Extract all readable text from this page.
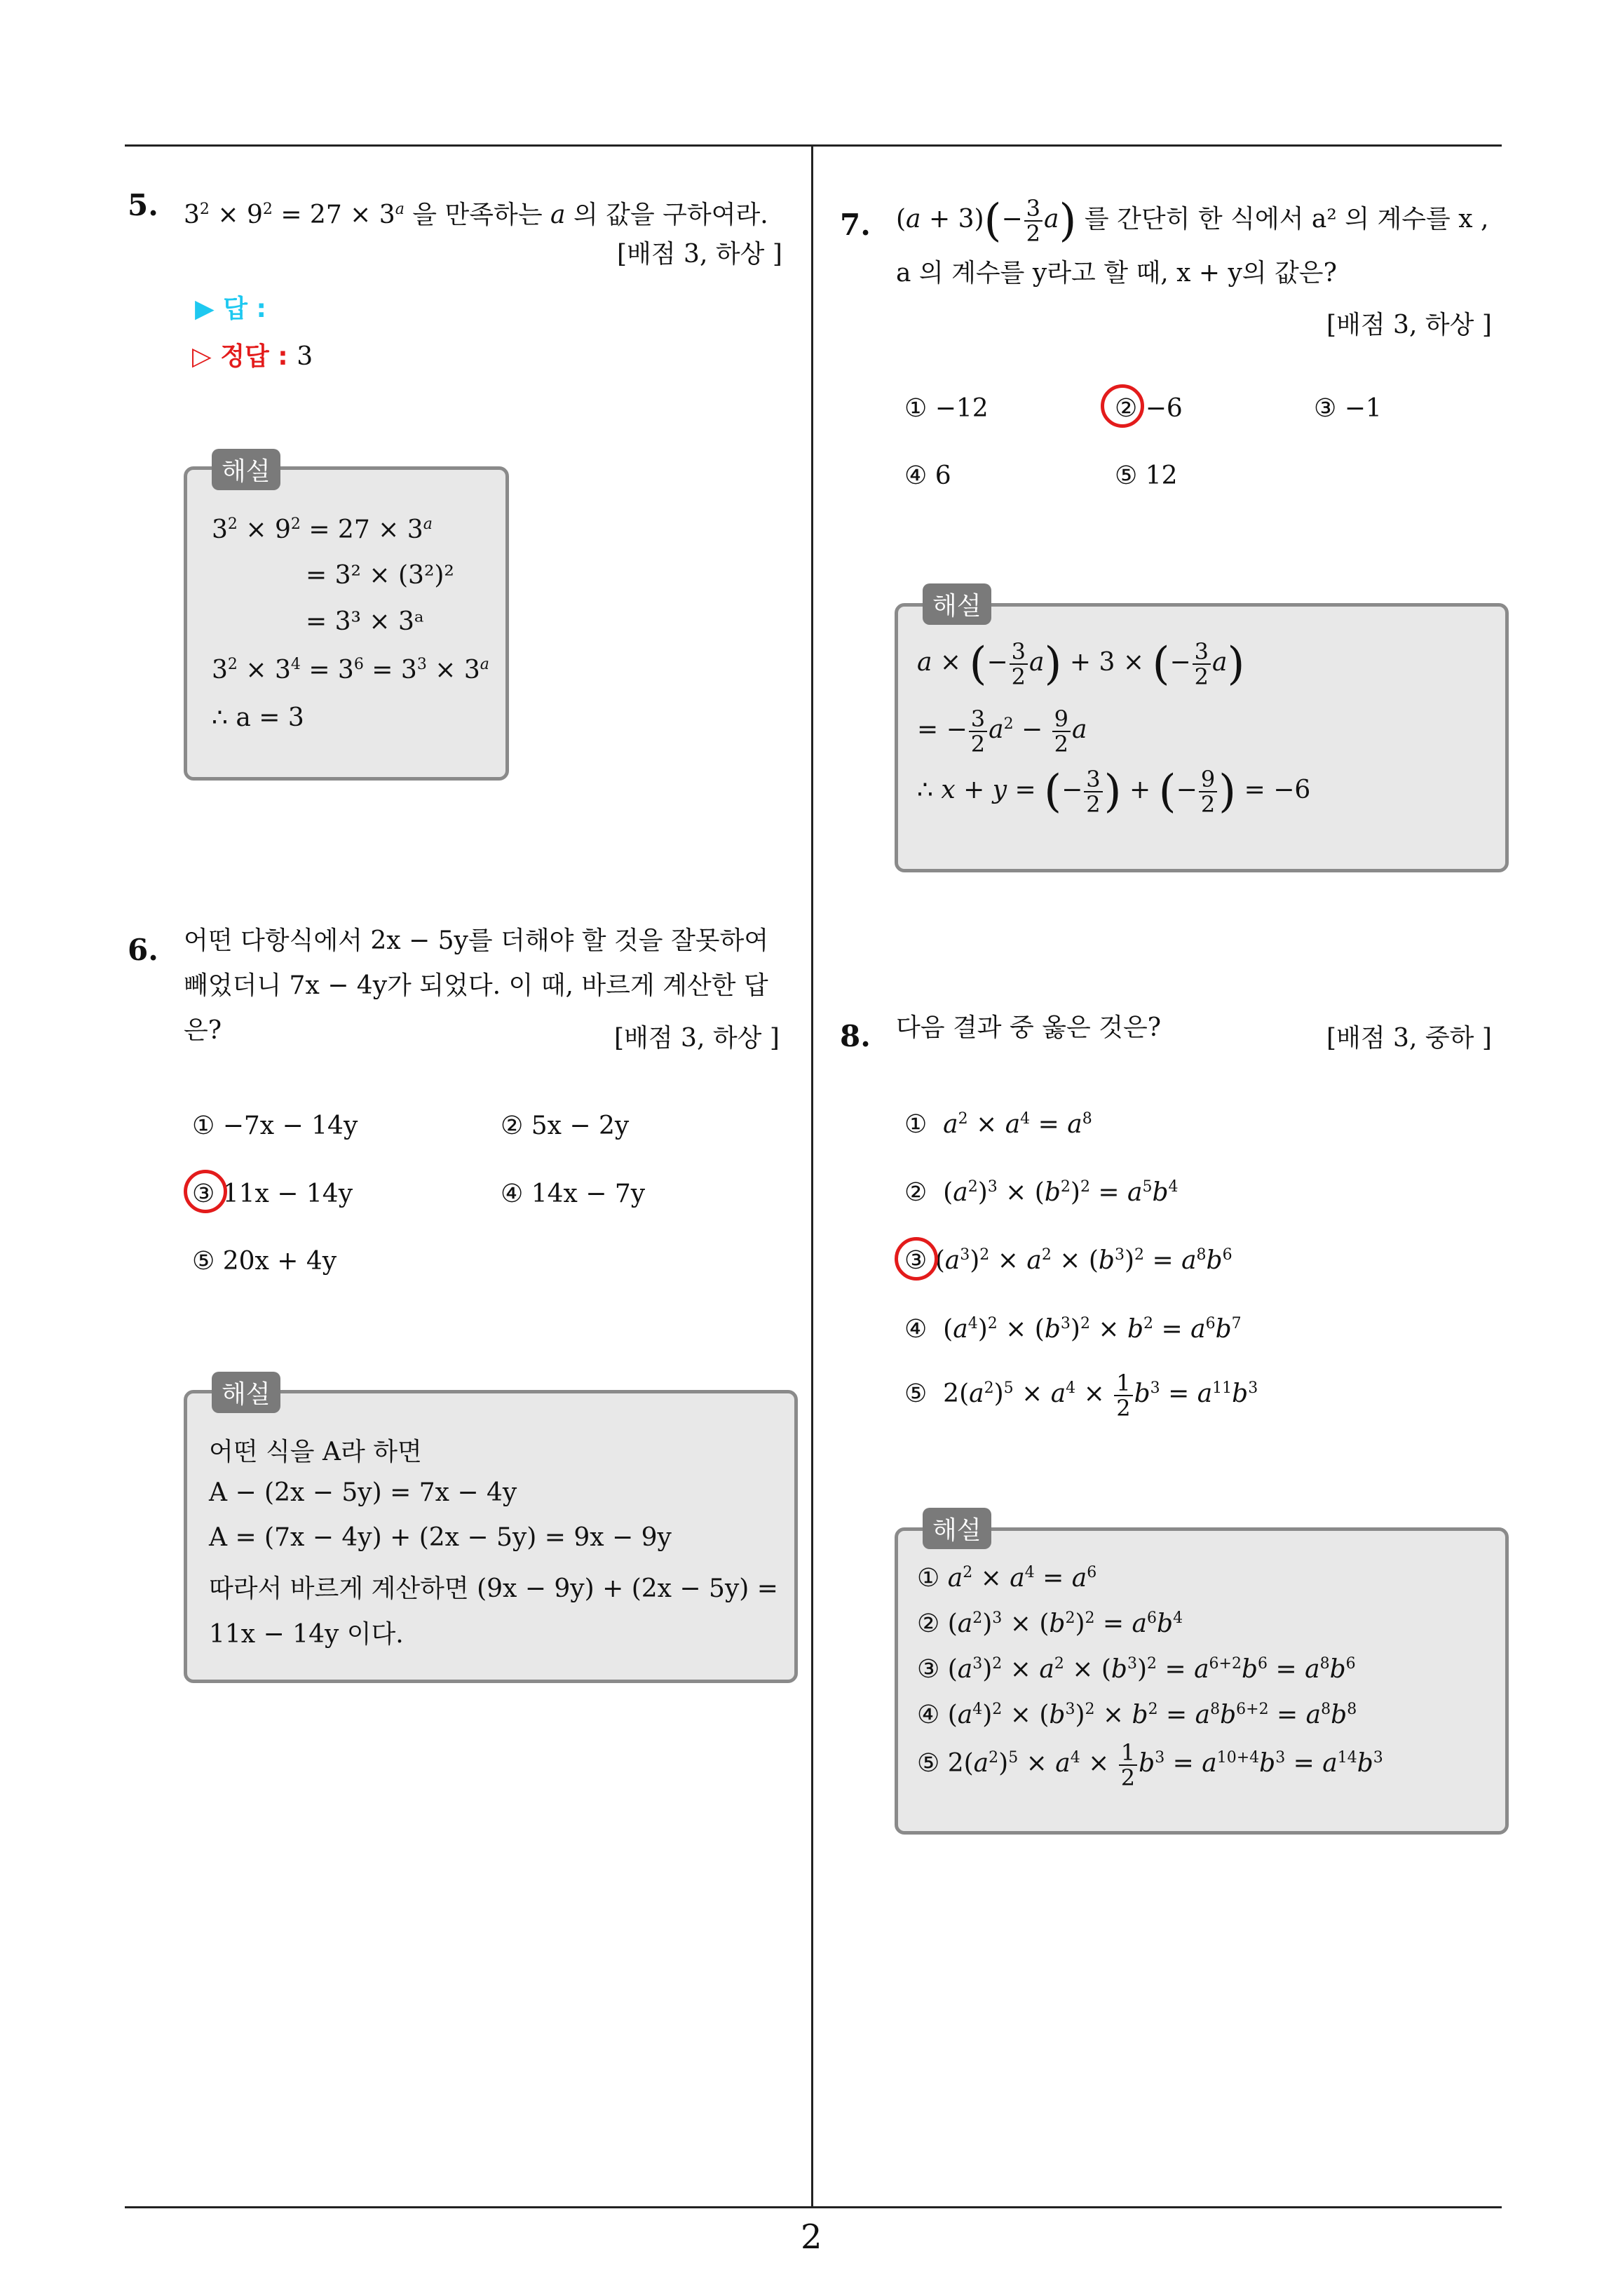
2
5. $3^2 \times 9^2 = 27 \times 3^a$ 을 만족하는 a 의 값을 구하여라.
[배점 3, 하상 ]
▶ 답 :
▷ 정답 : 3
해설
$3^2 \times 9^2 = 27 \times 3^a$
= 3² × (3²)²
= 3³ × 3ᵃ
$3^2 \times 3^4 = 3^6 = 3^3 \times 3^a$
∴ a = 3
6. 어떤 다항식에서 2x − 5y를 더해야 할 것을 잘못하여
빼었더니 7x − 4y가 되었다. 이 때, 바르게 계산한 답
은?	[배점 3, 하상 ]
① −7x − 14y	② 5x − 2y
③ 11x − 14y	④ 14x − 7y
⑤ 20x + 4y
해설
어떤 식을 A라 하면
A − (2x − 5y) = 7x − 4y
A = (7x − 4y) + (2x − 5y) = 9x − 9y
따라서 바르게 계산하면 (9x − 9y) + (2x − 5y) =
11x − 14y 이다.
7. $(a + 3)(- \frac{3}{2} a)$ 를 간단히 한 식에서 a² 의 계수를 x ,
a 의 계수를 y라고 할 때, x + y의 값은?
[배점 3, 하상 ]
① −12	② −6	③ −1
④ 6	⑤ 12
해설
a × (− $\frac{3}{2} a) + 3$ × (− $\frac{3}{2} a$)
= − $\frac{3}{2} a^2 - \frac{9}{2}$ a
∴ x + y = (− $\frac{3}{2}$ ) + (− $\frac{9}{2}$ ) = −6
8. 다음 결과 중 옳은 것은?	[배점 3, 중하 ]
①  $a^2 \times a^4 = a^8$
②  $(a^2)^3 \times (b^2)^2 = a^5b^4$
③ $(a^3)^2 \times a^2 \times (b^3)^2 = a^8b^6$
④  $(a^4)^2 \times (b^3)^2 \times b^2 = a^6b^7$
⑤  $2(a^2)^5 \times a^4 \times \frac{1}{2} b^3 = a^{11}b^3$
해설
① $a^2 \times a^4 = a^6$
② $(a^2)^3 \times (b^2)^2 = a^6b^4$
③ $(a^3)^2 \times a^2 \times (b^3)^2 = a^{6+2}b^6 = a^8b^6$
④ $(a^4)^2 \times (b^3)^2 \times b^2 = a^8b^{6+2} = a^8b^8$
⑤ $2(a^2)^5 \times a^4 \times \frac{1}{2} b^3 = a^{10+4}b^3 = a^{14}b^3$
